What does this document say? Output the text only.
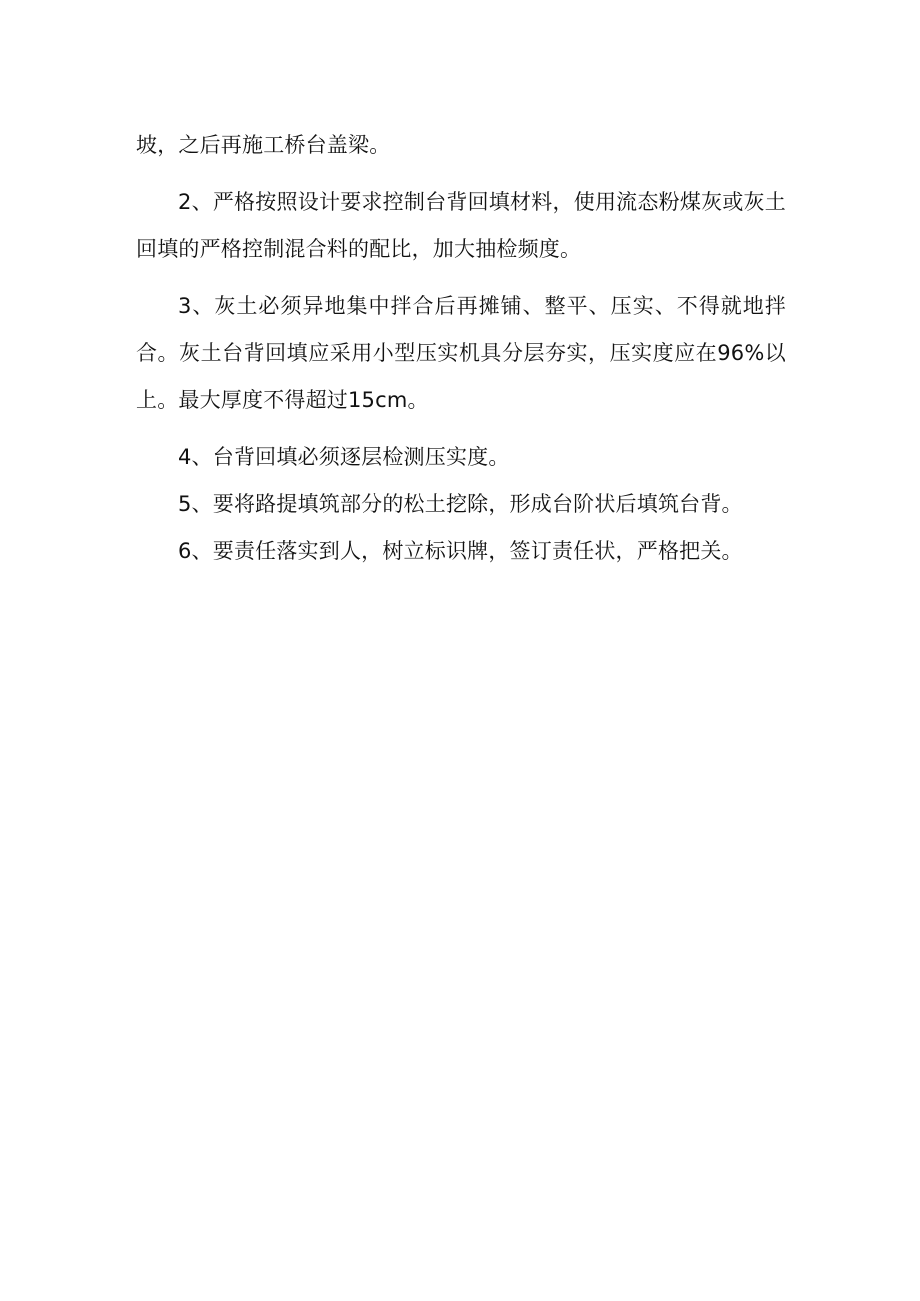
坡，之后再施工桥台盖梁。

2、严格按照设计要求控制台背回填材料，使用流态粉煤灰或灰土回填的严格控制混合料的配比，加大抽检频度。

3、灰土必须异地集中拌合后再摊铺、整平、压实、不得就地拌合。灰土台背回填应采用小型压实机具分层夯实，压实度应在96%以上。最大厚度不得超过15cm。

4、台背回填必须逐层检测压实度。

5、要将路提填筑部分的松土挖除，形成台阶状后填筑台背。

6、要责任落实到人，树立标识牌，签订责任状，严格把关。
